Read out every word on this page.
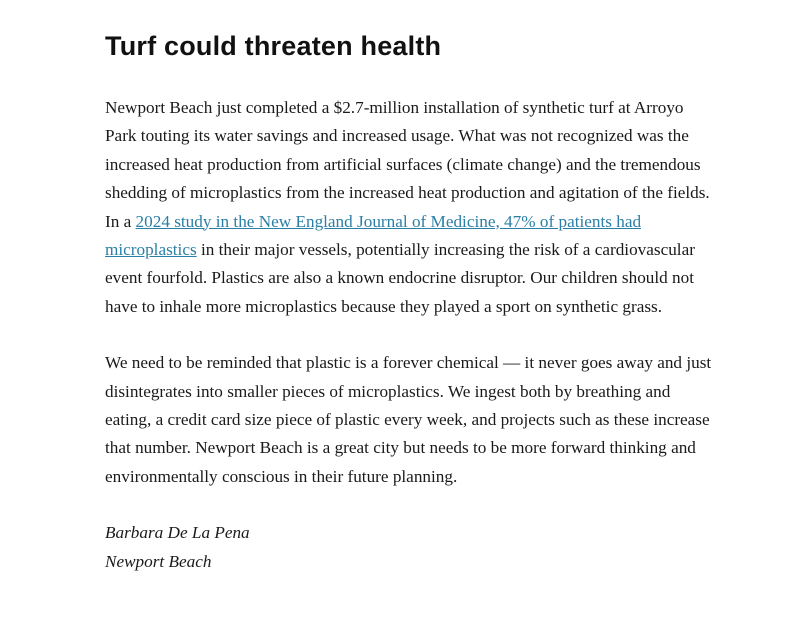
Turf could threaten health

Newport Beach just completed a $2.7-million installation of synthetic turf at Arroyo Park touting its water savings and increased usage. What was not recognized was the increased heat production from artificial surfaces (climate change) and the tremendous shedding of microplastics from the increased heat production and agitation of the fields. In a 2024 study in the New England Journal of Medicine, 47% of patients had microplastics in their major vessels, potentially increasing the risk of a cardiovascular event fourfold. Plastics are also a known endocrine disruptor. Our children should not have to inhale more microplastics because they played a sport on synthetic grass.

We need to be reminded that plastic is a forever chemical — it never goes away and just disintegrates into smaller pieces of microplastics. We ingest both by breathing and eating, a credit card size piece of plastic every week, and projects such as these increase that number. Newport Beach is a great city but needs to be more forward thinking and environmentally conscious in their future planning.

Barbara De La Pena
Newport Beach
